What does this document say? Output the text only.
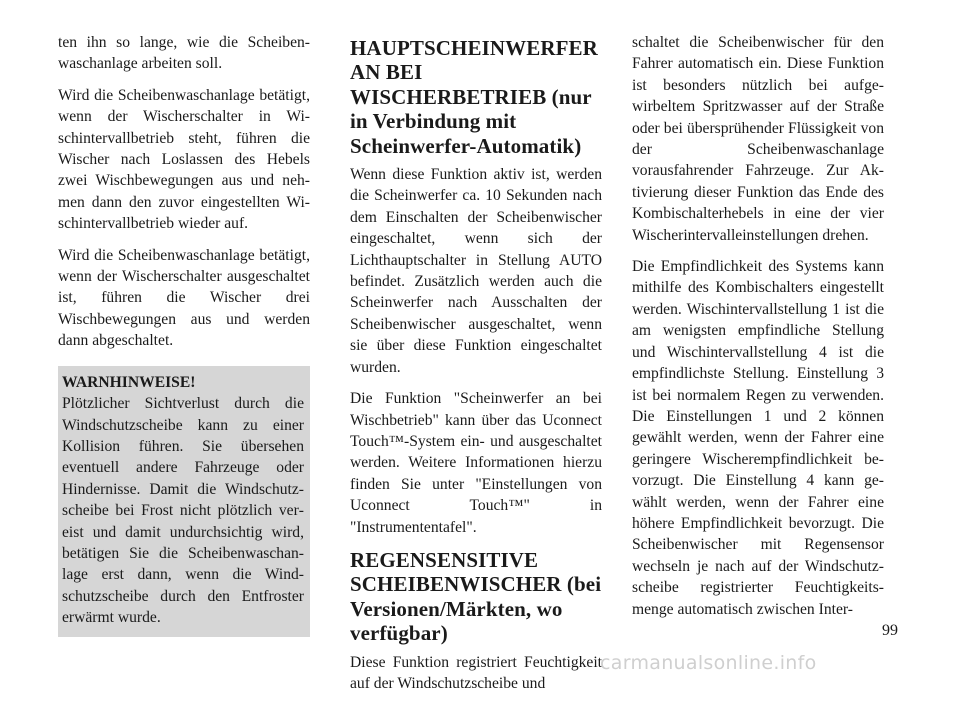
ten ihn so lange, wie die Scheibenwaschanlage arbeiten soll.

Wird die Scheibenwaschanlage betätigt, wenn der Wischerschalter in Wischintervallbetrieb steht, führen die Wischer nach Loslassen des Hebels zwei Wischbewegungen aus und nehmen dann den zuvor eingestellten Wischintervallbetrieb wieder auf.

Wird die Scheibenwaschanlage betätigt, wenn der Wischerschalter ausgeschaltet ist, führen die Wischer drei Wischbewegungen aus und werden dann abgeschaltet.

WARNHINWEISE!

Plötzlicher Sichtverlust durch die Windschutzscheibe kann zu einer Kollision führen. Sie übersehen eventuell andere Fahrzeuge oder Hindernisse. Damit die Windschutzscheibe bei Frost nicht plötzlich vereist und damit undurchsichtig wird, betätigen Sie die Scheibenwaschanlage erst dann, wenn die Windschutzscheibe durch den Entfroster erwärmt wurde.

HAUPTSCHEINWERFER AN BEI WISCHERBETRIEB (nur in Verbindung mit Scheinwerfer-Automatik)

Wenn diese Funktion aktiv ist, werden die Scheinwerfer ca. 10 Sekunden nach dem Einschalten der Scheibenwischer eingeschaltet, wenn sich der Lichthauptschalter in Stellung AUTO befindet. Zusätzlich werden auch die Scheinwerfer nach Ausschalten der Scheibenwischer ausgeschaltet, wenn sie über diese Funktion eingeschaltet wurden.

Die Funktion "Scheinwerfer an bei Wischbetrieb" kann über das Uconnect Touch™-System ein- und ausgeschaltet werden. Weitere Informationen hierzu finden Sie unter "Einstellungen von Uconnect Touch™" in "Instrumententafel".

REGENSENSITIVE SCHEIBENWISCHER (bei Versionen/Märkten, wo verfügbar)

Diese Funktion registriert Feuchtigkeit auf der Windschutzscheibe und

schaltet die Scheibenwischer für den Fahrer automatisch ein. Diese Funktion ist besonders nützlich bei aufgewirbeltem Spritzwasser auf der Straße oder bei übersprühender Flüssigkeit von der Scheibenwaschanlage vorausfahrender Fahrzeuge. Zur Aktivierung dieser Funktion das Ende des Kombischalterhebels in eine der vier Wischerintervalleinstellungen drehen.

Die Empfindlichkeit des Systems kann mithilfe des Kombischalters eingestellt werden. Wischintervallstellung 1 ist die am wenigsten empfindliche Stellung und Wischintervallstellung 4 ist die empfindlichste Stellung. Einstellung 3 ist bei normalem Regen zu verwenden. Die Einstellungen 1 und 2 können gewählt werden, wenn der Fahrer eine geringere Wischerempfindlichkeit bevorzugt. Die Einstellung 4 kann gewählt werden, wenn der Fahrer eine höhere Empfindlichkeit bevorzugt. Die Scheibenwischer mit Regensensor wechseln je nach auf der Windschutzscheibe registrierter Feuchtigkeitsmenge automatisch zwischen Inter-

99
carmanualsonline.info
